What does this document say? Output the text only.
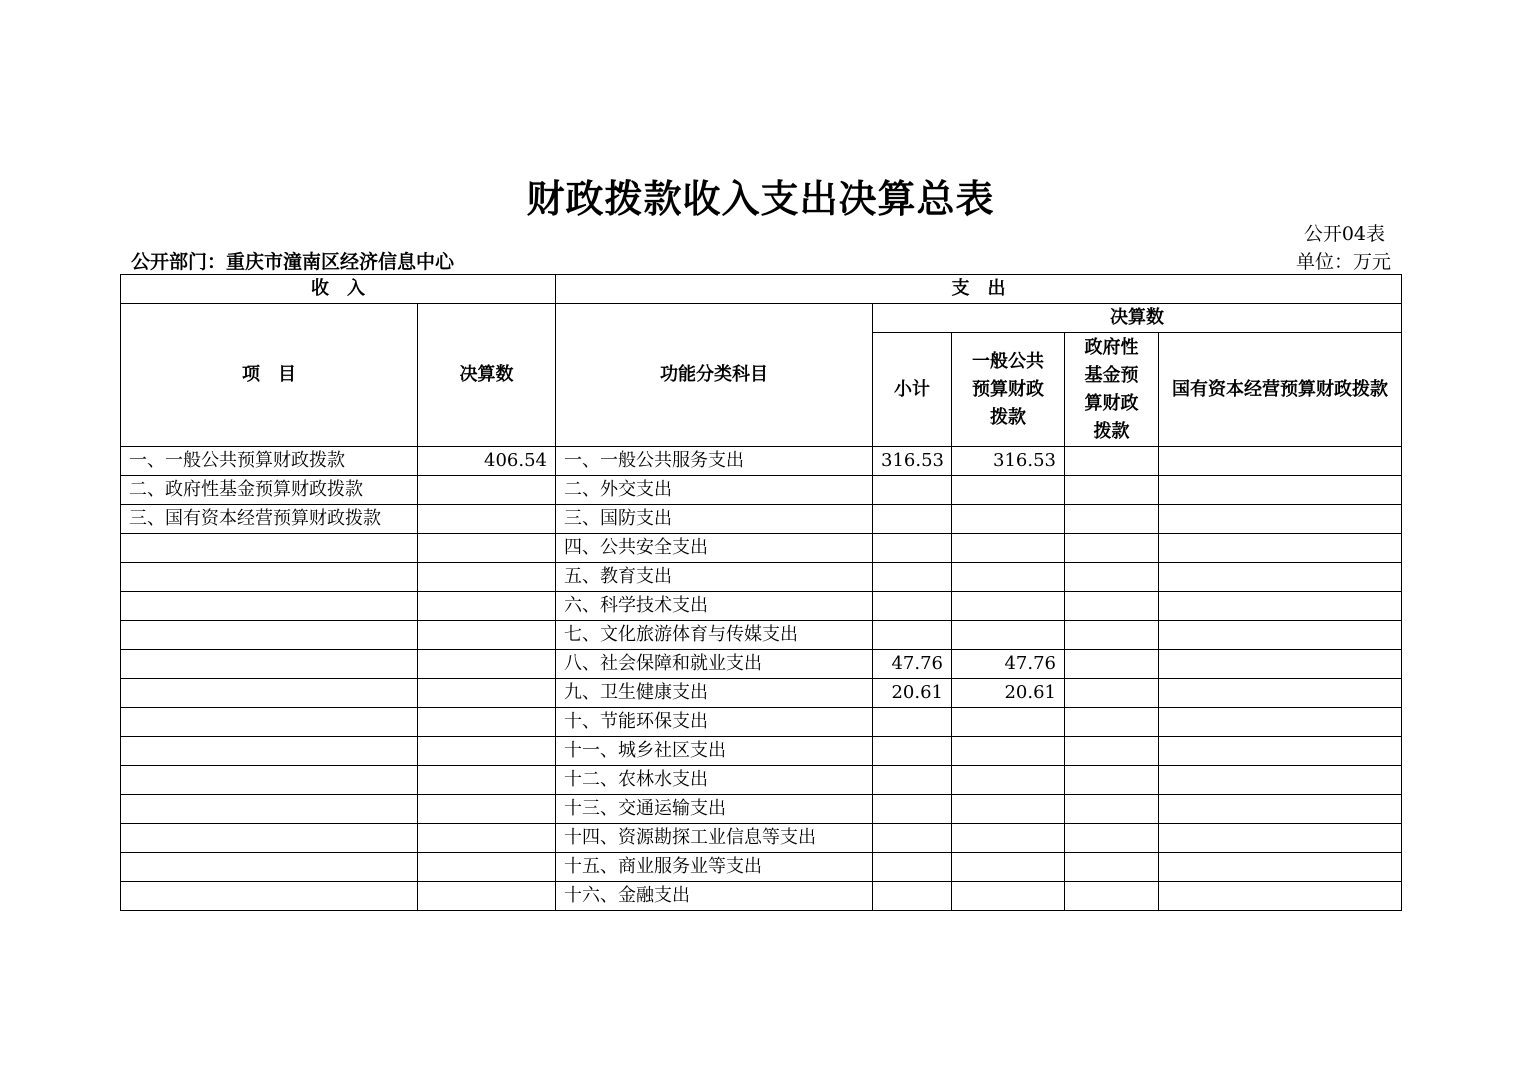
财政拨款收入支出决算总表
公开04表
公开部门：重庆市潼南区经济信息中心	单位：万元
收　入		支　出				
项　目	决算数	功能分类科目	决算数			
			小计	一般公共预算财政拨款	政府性基金预算财政拨款	国有资本经营预算财政拨款
一、一般公共预算财政拨款	406.54	一、一般公共服务支出	316.53	316.53		
二、政府性基金预算财政拨款		二、外交支出				
三、国有资本经营预算财政拨款		三、国防支出				
		四、公共安全支出				
		五、教育支出				
		六、科学技术支出				
		七、文化旅游体育与传媒支出				
		八、社会保障和就业支出	47.76	47.76		
		九、卫生健康支出	20.61	20.61		
		十、节能环保支出				
		十一、城乡社区支出				
		十二、农林水支出				
		十三、交通运输支出				
		十四、资源勘探工业信息等支出				
		十五、商业服务业等支出				
		十六、金融支出				
